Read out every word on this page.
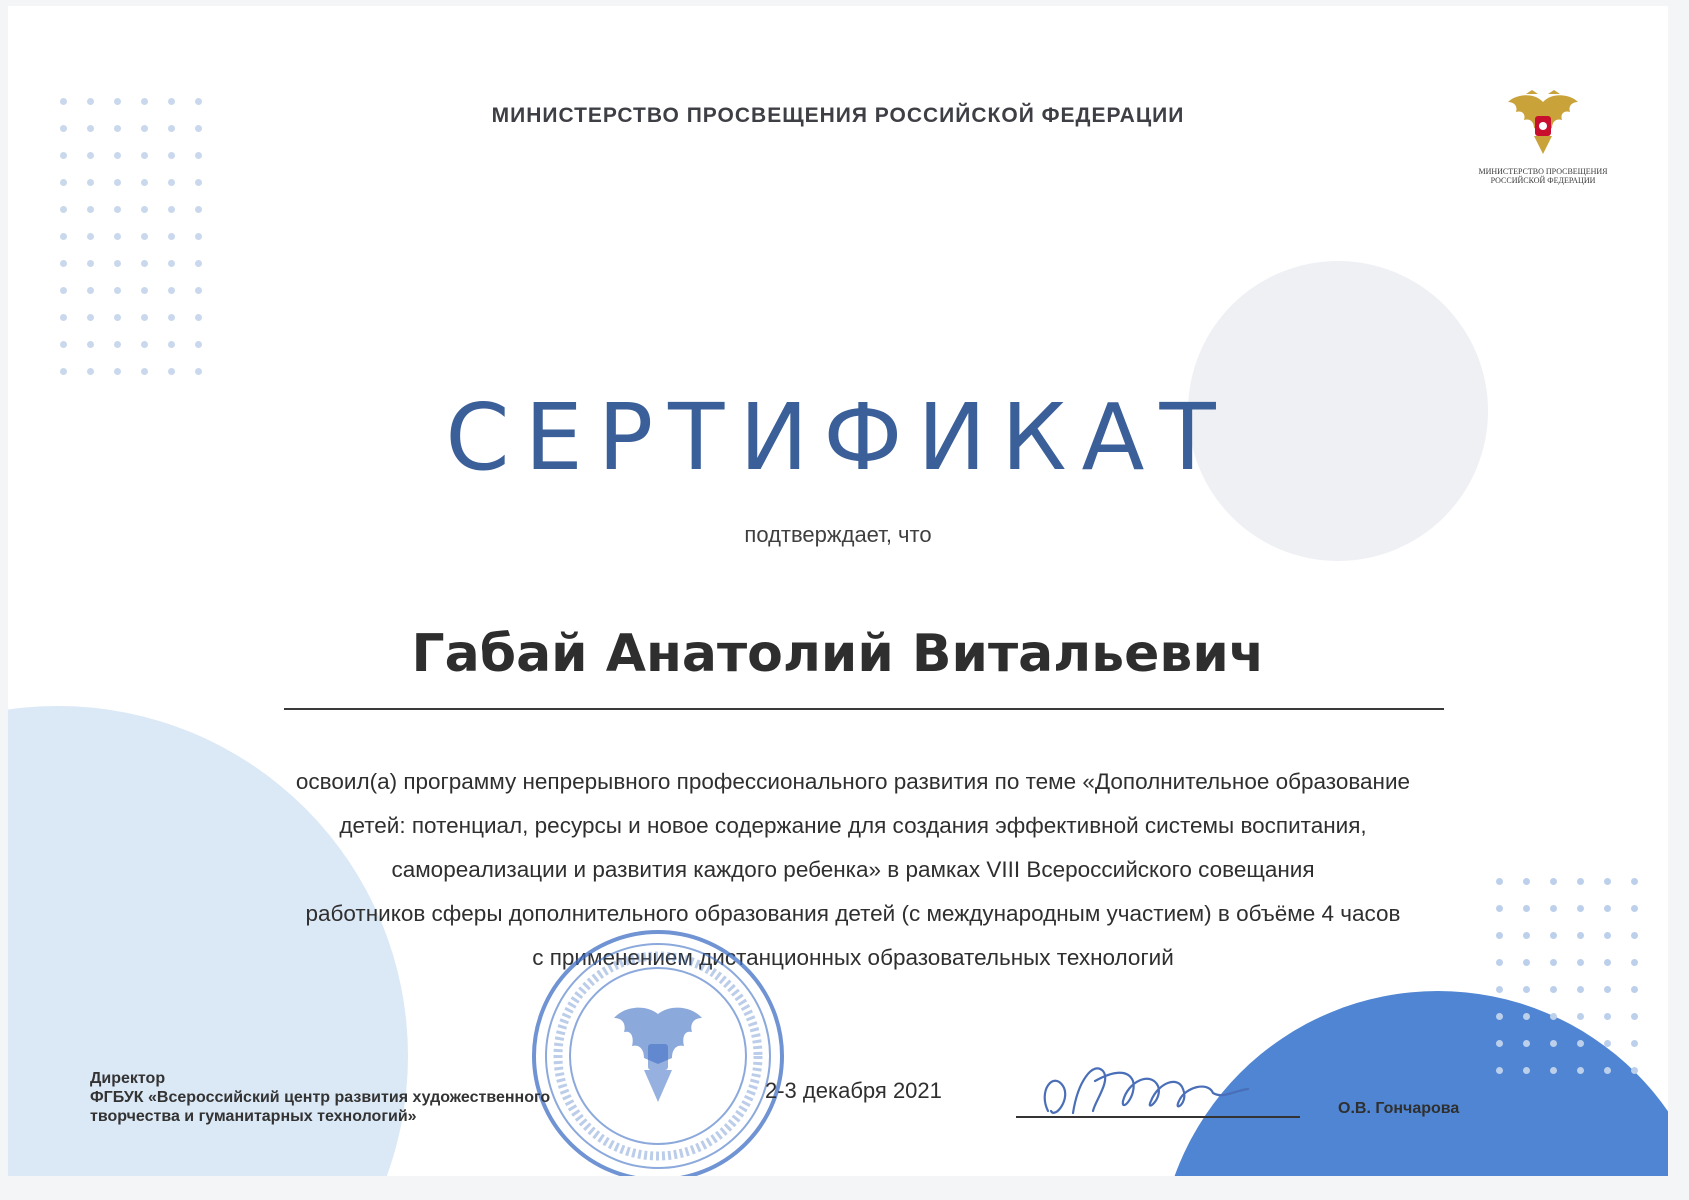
МИНИСТЕРСТВО ПРОСВЕЩЕНИЯ РОССИЙСКОЙ ФЕДЕРАЦИИ
МИНИСТЕРСТВО ПРОСВЕЩЕНИЯ
РОССИЙСКОЙ ФЕДЕРАЦИИ
СЕРТИФИКАТ
подтверждает, что
Габай Анатолий Витальевич
освоил(а) программу непрерывного профессионального развития по теме «Дополнительное образование
детей: потенциал, ресурсы и новое содержание для создания эффективной системы воспитания,
самореализации и развития каждого ребенка» в рамках VIII Всероссийского совещания
работников сферы дополнительного образования детей (с международным участием) в объёме 4 часов
с применением дистанционных образовательных технологий
Директор
ФГБУК «Всероссийский центр развития художественного
творчества и гуманитарных технологий»
2-3 декабря 2021
О.В. Гончарова
